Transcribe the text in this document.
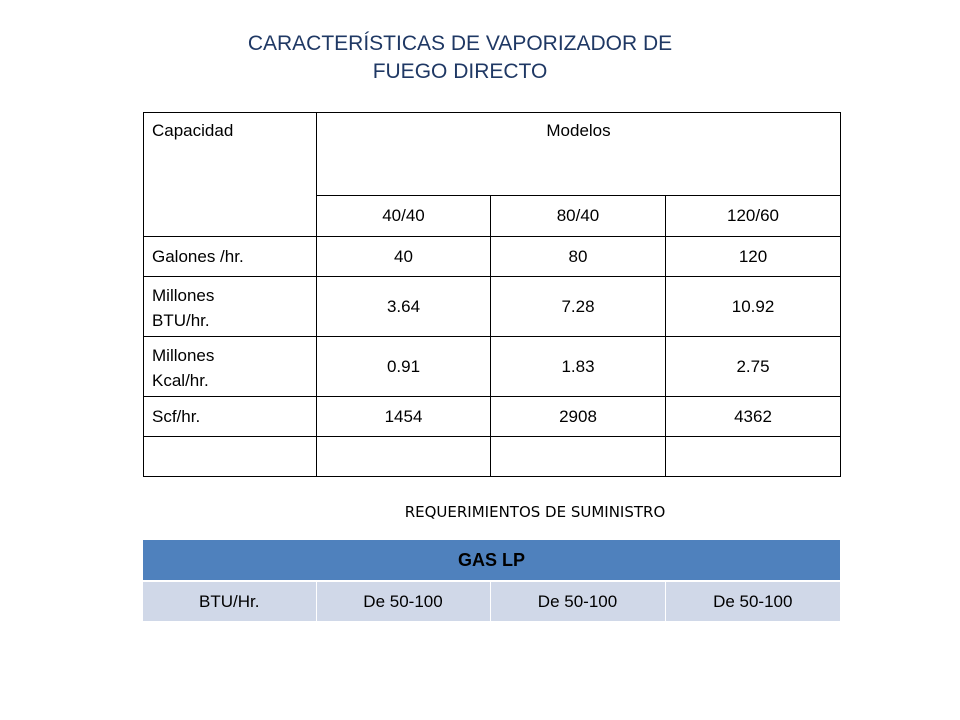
CARACTERÍSTICAS DE VAPORIZADOR DE
FUEGO DIRECTO
Capacidad	Modelos		
	40/40	80/40	120/60
Galones /hr.	40	80	120
Millones
BTU/hr.	3.64	7.28	10.92
Millones
Kcal/hr.	0.91	1.83	2.75
Scf/hr.	1454	2908	4362

REQUERIMIENTOS DE SUMINISTRO
GAS LP
BTU/Hr.	De 50-100	De 50-100	De 50-100
